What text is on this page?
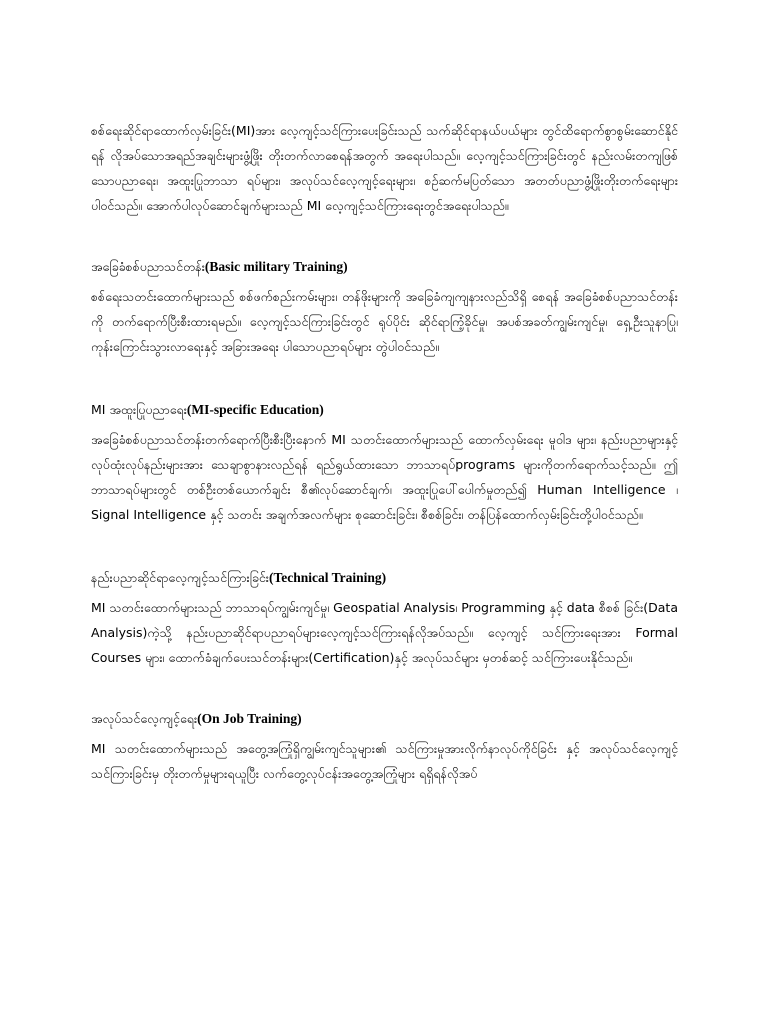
စစ်ရေးဆိုင်ရာထောက်လှမ်းခြင်း(MI)အား လေ့ကျင့်သင်ကြားပေးခြင်းသည် သက်ဆိုင်ရာနယ်ပယ်များ တွင်ထိရောက်စွာစွမ်းဆောင်နိုင်ရန် လိုအပ်သောအရည်အချင်းများဖွံ့ဖြိုး တိုးတက်လာစေရန်အတွက် အရေးပါသည်။ လေ့ကျင့်သင်ကြားခြင်းတွင် နည်းလမ်းတကျဖြစ်သောပညာရေး၊ အထူးပြုဘာသာ ရပ်များ၊ အလုပ်သင်လေ့ကျင့်ရေးများ၊ စဉ်ဆက်မပြတ်သော အတတ်ပညာဖွံ့ဖြိုးတိုးတက်ရေးများ ပါဝင်သည်။ အောက်ပါလုပ်ဆောင်ချက်များသည် MI လေ့ကျင့်သင်ကြားရေးတွင်အရေးပါသည်။

အခြေခံစစ်ပညာသင်တန်း(Basic military Training)

စစ်ရေးသတင်းထောက်များသည် စစ်ဖက်စည်းကမ်းများ၊ တန်ဖိုးများကို အခြေခံကျကျနားလည်သိရှိ စေရန် အခြေခံစစ်ပညာသင်တန်းကို တက်ရောက်ပြီးစီးထားရမည်။ လေ့ကျင့်သင်ကြားခြင်းတွင် ရုပ်ပိုင်း ဆိုင်ရာကြံ့ခိုင်မှု၊ အပစ်အခတ်ကျွမ်းကျင်မှု၊ ရှေ့ဦးသူနာပြု၊ ကုန်းကြောင်းသွားလာရေးနှင့် အခြားအရေး ပါသောပညာရပ်များ တွဲပါဝင်သည်။

MI အထူးပြုပညာရေး(MI-specific Education)

အခြေခံစစ်ပညာသင်တန်းတက်ရောက်ပြီးစီးပြီးနောက် MI သတင်းထောက်များသည် ထောက်လှမ်းရေး မူဝါဒ များ၊ နည်းပညာများနှင့်လုပ်ထုံးလုပ်နည်းများအား သေချာစွာနားလည်ရန် ရည်ရွယ်ထားသော ဘာသာရပ်programs များကိုတက်ရောက်သင့်သည်။ ဤဘာသာရပ်များတွင် တစ်ဦးတစ်ယောက်ချင်း စီ၏လုပ်ဆောင်ချက်၊ အထူးပြုပေါ်ပေါက်မှုတည်၍ Human Intelligence ၊ Signal Intelligence နှင့် သတင်း အချက်အလက်များ စုဆောင်းခြင်း၊ စီစစ်ခြင်း၊ တန်ပြန်ထောက်လှမ်းခြင်းတို့ပါဝင်သည်။

နည်းပညာဆိုင်ရာလေ့ကျင့်သင်ကြားခြင်း(Technical Training)

MI သတင်းထောက်များသည် ဘာသာရပ်ကျွမ်းကျင်မှု၊ Geospatial Analysis၊ Programming နှင့် data စီစစ် ခြင်း(Data Analysis)ကဲ့သို့ နည်းပညာဆိုင်ရာပညာရပ်များလေ့ကျင့်သင်ကြားရန်လိုအပ်သည်။ လေ့ကျင့် သင်ကြားရေးအား Formal Courses များ၊ ထောက်ခံချက်ပေးသင်တန်းများ(Certification)နှင့် အလုပ်သင်များ မှတစ်ဆင့် သင်ကြားပေးနိုင်သည်။

အလုပ်သင်လေ့ကျင့်ရေး(On Job Training)

MI သတင်းထောက်များသည် အတွေ့အကြုံရှိကျွမ်းကျင်သူများ၏ သင်ကြားမှုအားလိုက်နာလုပ်ကိုင်ခြင်း နှင့် အလုပ်သင်လေ့ကျင့်သင်ကြားခြင်းမှ တိုးတက်မှုများရယူပြီး လက်တွေ့လုပ်ငန်းအတွေ့အကြုံများ ရရှိရန်လိုအပ်
